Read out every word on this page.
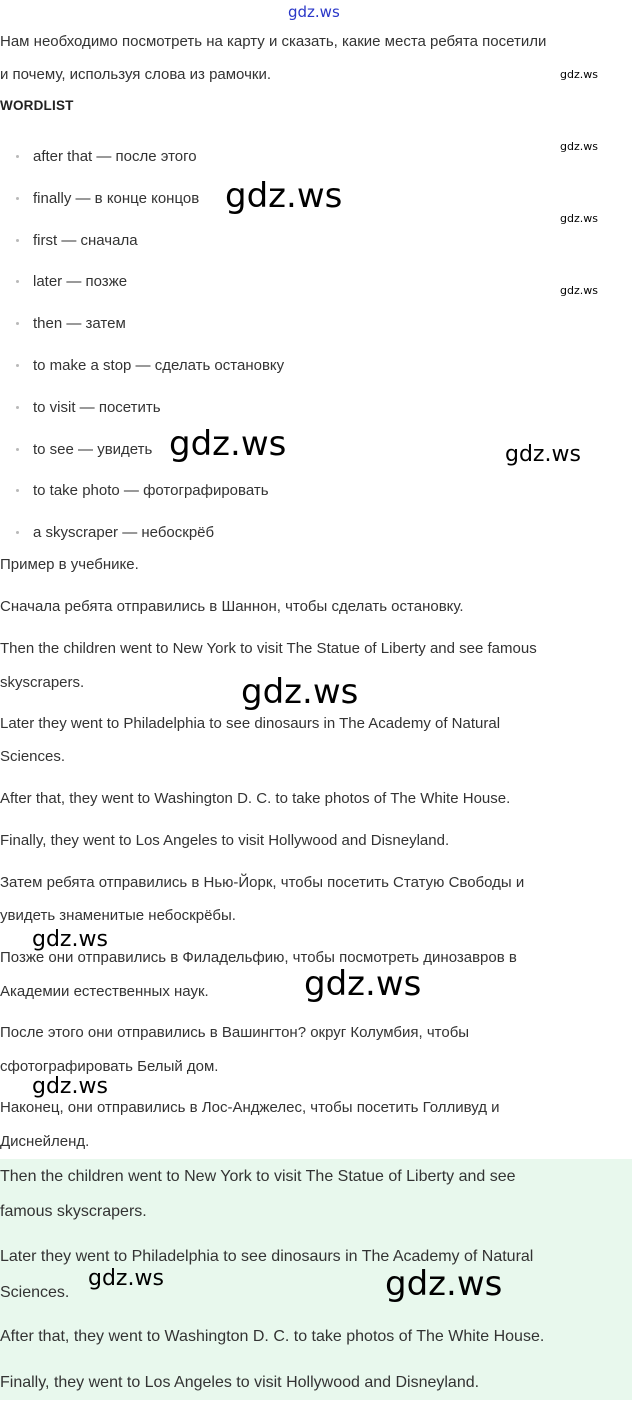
gdz.ws

Нам необходимо посмотреть на карту и сказать, какие места ребята посетили

и почему, используя слова из рамочки.

WORDLIST
after that — после этого
finally — в конце концов
first — сначала
later — позже
then — затем
to make a stop — сделать остановку
to visit — посетить
to see — увидеть
to take photo — фотографировать
a skyscraper — небоскрёб

Пример в учебнике.

Сначала ребята отправились в Шаннон, чтобы сделать остановку.

Then the children went to New York to visit The Statue of Liberty and see famous

skyscrapers.

Later they went to Philadelphia to see dinosaurs in The Academy of Natural

Sciences.

After that, they went to Washington D. C. to take photos of The White House.

Finally, they went to Los Angeles to visit Hollywood and Disneyland.

Затем ребята отправились в Нью-Йорк, чтобы посетить Статую Свободы и

увидеть знаменитые небоскрёбы.

Позже они отправились в Филадельфию, чтобы посмотреть динозавров в

Академии естественных наук.

После этого они отправились в Вашингтон? округ Колумбия, чтобы

сфотографировать Белый дом.

Наконец, они отправились в Лос-Анджелес, чтобы посетить Голливуд и

Диснейленд.

Then the children went to New York to visit The Statue of Liberty and see

famous skyscrapers.

Later they went to Philadelphia to see dinosaurs in The Academy of Natural

Sciences.

After that, they went to Washington D. C. to take photos of The White House.

Finally, they went to Los Angeles to visit Hollywood and Disneyland.

gdz.ws
gdz.ws
gdz.ws
gdz.ws
gdz.ws
gdz.ws	gdz.ws
gdz.ws
gdz.ws
gdz.ws
gdz.ws
gdz.ws	gdz.ws
